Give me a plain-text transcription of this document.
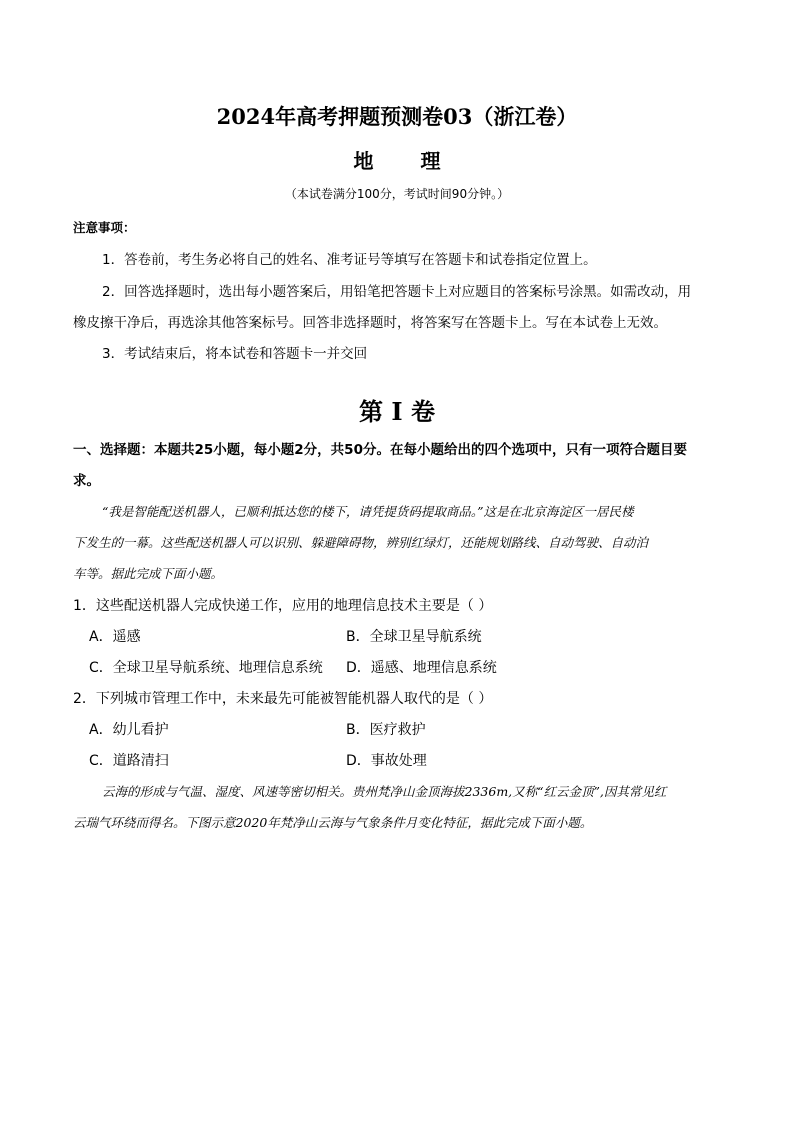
2024年高考押题预测卷03（浙江卷）
地 理
（本试卷满分100分，考试时间90分钟。）
注意事项：
1．答卷前，考生务必将自己的姓名、准考证号等填写在答题卡和试卷指定位置上。
2．回答选择题时，选出每小题答案后，用铅笔把答题卡上对应题目的答案标号涂黑。如需改动，用
橡皮擦干净后，再选涂其他答案标号。回答非选择题时，将答案写在答题卡上。写在本试卷上无效。
3．考试结束后，将本试卷和答题卡一并交回
第 I 卷
一、选择题：本题共25小题，每小题2分，共50分。在每小题给出的四个选项中，只有一项符合题目要
求。
“我是智能配送机器人，已顺利抵达您的楼下，请凭提货码提取商品。”这是在北京海淀区一居民楼
下发生的一幕。这些配送机器人可以识别、躲避障碍物，辨别红绿灯，还能规划路线、自动驾驶、自动泊
车等。据此完成下面小题。
1．这些配送机器人完成快递工作，应用的地理信息技术主要是（ ）
A．遥感	B．全球卫星导航系统
C．全球卫星导航系统、地理信息系统 D．遥感、地理信息系统
2．下列城市管理工作中，未来最先可能被智能机器人取代的是（ ）
A．幼儿看护	B．医疗救护
C．道路清扫	D．事故处理
云海的形成与气温、湿度、风速等密切相关。贵州梵净山金顶海拔2336m,又称“红云金顶”,因其常见红
云瑞气环绕而得名。下图示意2020年梵净山云海与气象条件月变化特征，据此完成下面小题。
